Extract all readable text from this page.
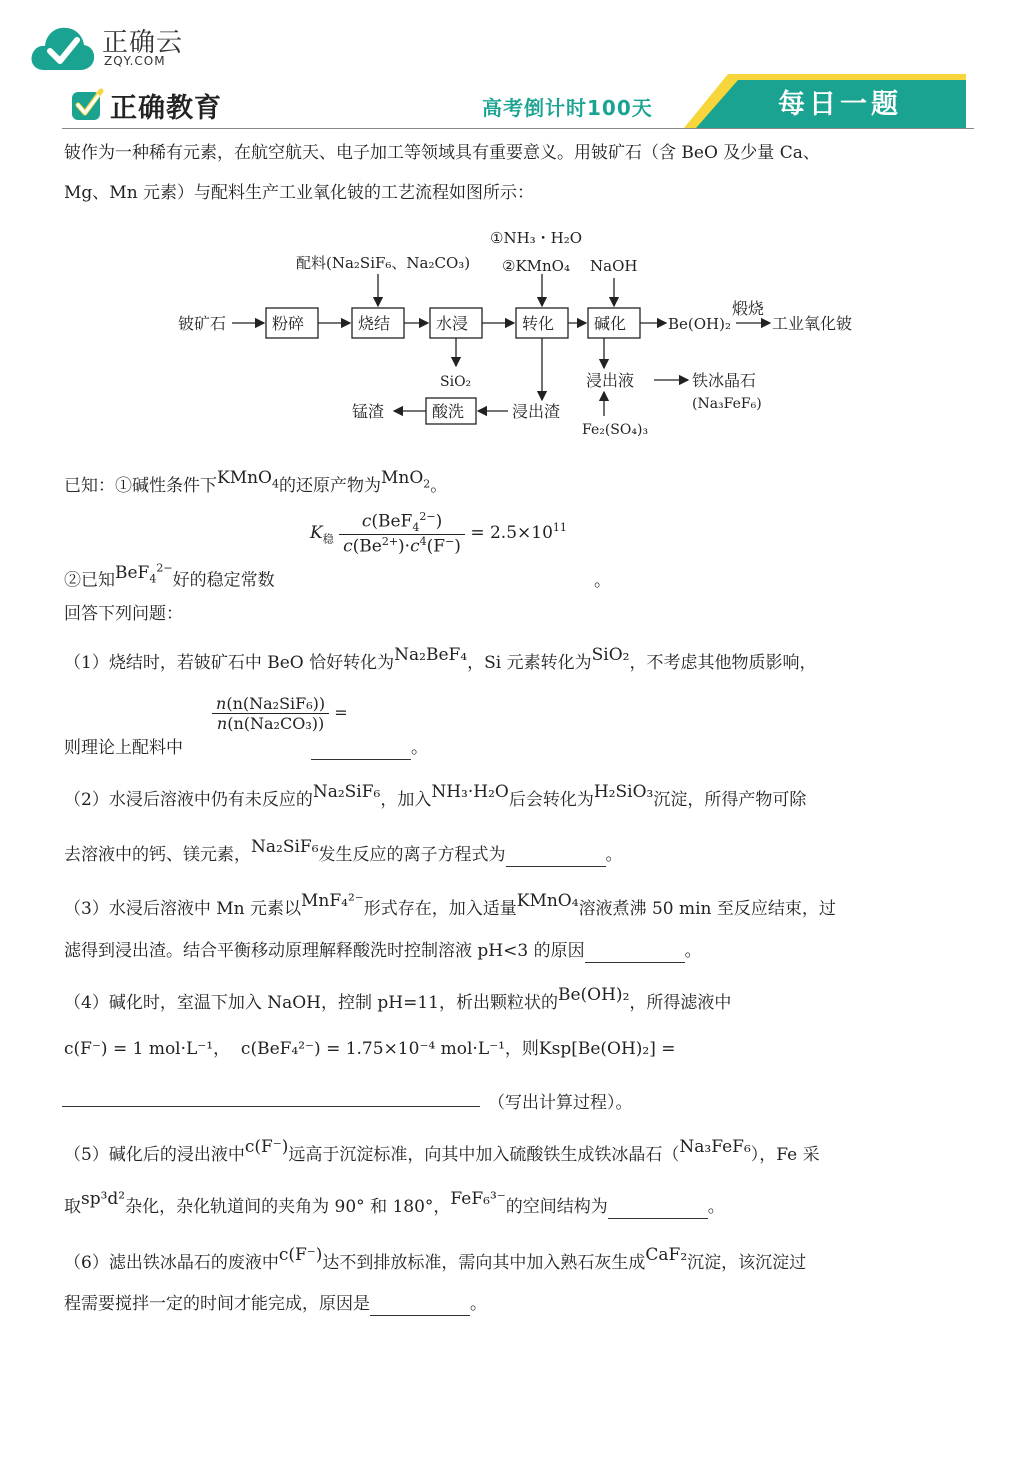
正确云
ZQY.COM
正确教育	高考倒计时100天	每日一题
铍作为一种稀有元素，在航空航天、电子加工等领域具有重要意义。用铍矿石（含 BeO 及少量 Ca、
Mg、Mn 元素）与配料生产工业氧化铍的工艺流程如图所示：
铍矿石	粉碎	烧结	水浸	转化 碱化
配料(Na₂SiF₆、Na₂CO₃)
①NH₃・H₂O
②KMnO₄ NaOH
Be(OH)₂
煅烧
工业氧化铍
SiO₂
浸出渣
酸洗
锰渣
浸出液	铁冰晶石
(Na₃FeF₆)
Fe₂(SO₄)₃
已知：①碱性条件下KMnO$_4$的还原产物为MnO$_2$。
$K_稳 \frac{c(BeF_4^{2-})}{c(Be^{2+})\cdot c^4(F^-)} = 2.5\times 10^{11}$
②已知BeF$_4^{2-}$好的稳定常数	。
回答下列问题：
（1）烧结时，若铍矿石中 BeO 恰好转化为Na₂BeF₄，Si 元素转化为SiO₂，不考虑其他物质影响，
$\frac{\text{n(n(Na₂SiF₆))}}{\text{n(n(Na₂CO₃))}}$ =
则理论上配料中	。
（2）水浸后溶液中仍有未反应的Na₂SiF₆，加入NH₃·H₂O后会转化为H₂SiO₃沉淀，所得产物可除
去溶液中的钙、镁元素，Na₂SiF₆发生反应的离子方程式为	。
（3）水浸后溶液中 Mn 元素以MnF₄²⁻形式存在，加入适量KMnO₄溶液煮沸 50 min 至反应结束，过
滤得到浸出渣。结合平衡移动原理解释酸洗时控制溶液 pH<3 的原因	。
（4）碱化时，室温下加入 NaOH，控制 pH=11，析出颗粒状的Be(OH)₂，所得滤液中
c(F⁻) = 1 mol·L⁻¹， c(BeF₄²⁻) = 1.75×10⁻⁴ mol·L⁻¹，则Ksp[Be(OH)₂] =
（写出计算过程）。
（5）碱化后的浸出液中c(F⁻)远高于沉淀标准，向其中加入硫酸铁生成铁冰晶石（Na₃FeF₆），Fe 采
取sp³d²杂化，杂化轨道间的夹角为 90° 和 180°，FeF₆³⁻的空间结构为	。
（6）滤出铁冰晶石的废液中c(F⁻)达不到排放标准，需向其中加入熟石灰生成CaF₂沉淀，该沉淀过
程需要搅拌一定的时间才能完成，原因是	。
